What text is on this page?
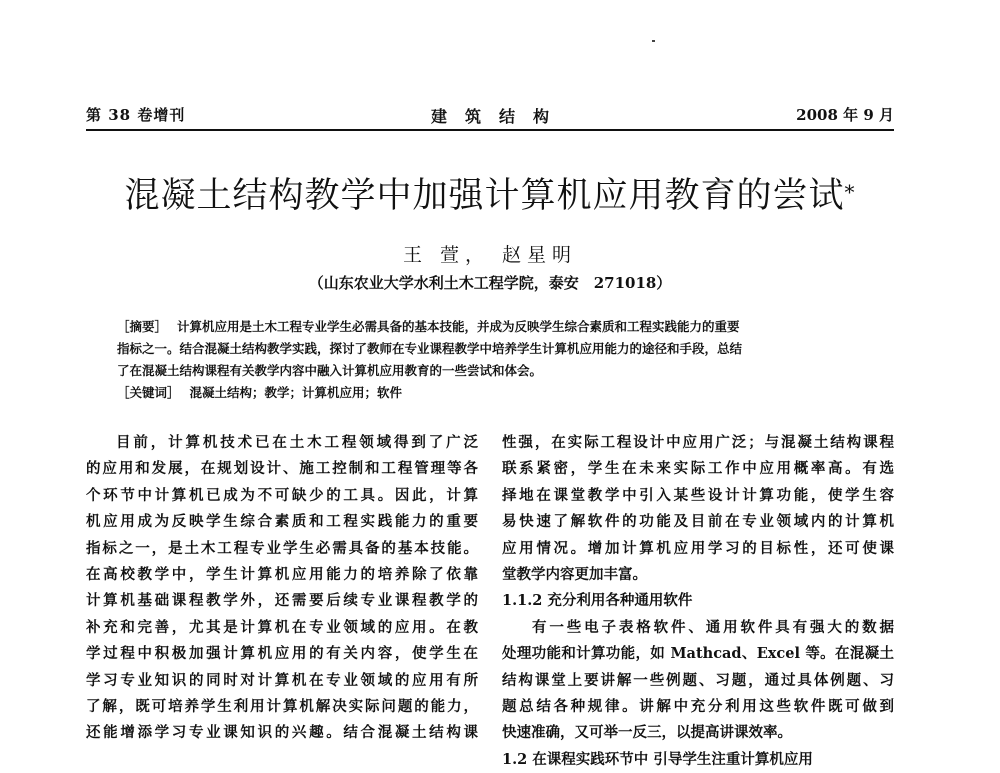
第 38 卷增刊	建筑结构	2008 年 9 月
混凝土结构教学中加强计算机应用教育的尝试*
王 萱， 赵星明
（山东农业大学水利土木工程学院，泰安　271018）
［摘要］ 计算机应用是土木工程专业学生必需具备的基本技能，并成为反映学生综合素质和工程实践能力的重要
指标之一。结合混凝土结构教学实践，探讨了教师在专业课程教学中培养学生计算机应用能力的途径和手段，总结
了在混凝土结构课程有关教学内容中融入计算机应用教育的一些尝试和体会。
［关键词］ 混凝土结构；教学；计算机应用；软件
目前，计算机技术已在土木工程领域得到了广泛
的应用和发展，在规划设计、施工控制和工程管理等各
个环节中计算机已成为不可缺少的工具。因此，计算
机应用成为反映学生综合素质和工程实践能力的重要
指标之一，是土木工程专业学生必需具备的基本技能。
在高校教学中，学生计算机应用能力的培养除了依靠
计算机基础课程教学外，还需要后续专业课程教学的
补充和完善，尤其是计算机在专业领域的应用。在教
学过程中积极加强计算机应用的有关内容，使学生在
学习专业知识的同时对计算机在专业领域的应用有所
了解，既可培养学生利用计算机解决实际问题的能力，
还能增添学习专业课知识的兴趣。结合混凝土结构课
性强，在实际工程设计中应用广泛；与混凝土结构课程
联系紧密，学生在未来实际工作中应用概率高。有选
择地在课堂教学中引入某些设计计算功能，使学生容
易快速了解软件的功能及目前在专业领域内的计算机
应用情况。增加计算机应用学习的目标性，还可使课
堂教学内容更加丰富。
1.1.2 充分利用各种通用软件
有一些电子表格软件、通用软件具有强大的数据
处理功能和计算功能，如 Mathcad、Excel 等。在混凝土
结构课堂上要讲解一些例题、习题，通过具体例题、习
题总结各种规律。讲解中充分利用这些软件既可做到
快速准确，又可举一反三，以提高讲课效率。
1.2 在课程实践环节中 引导学生注重计算机应用
